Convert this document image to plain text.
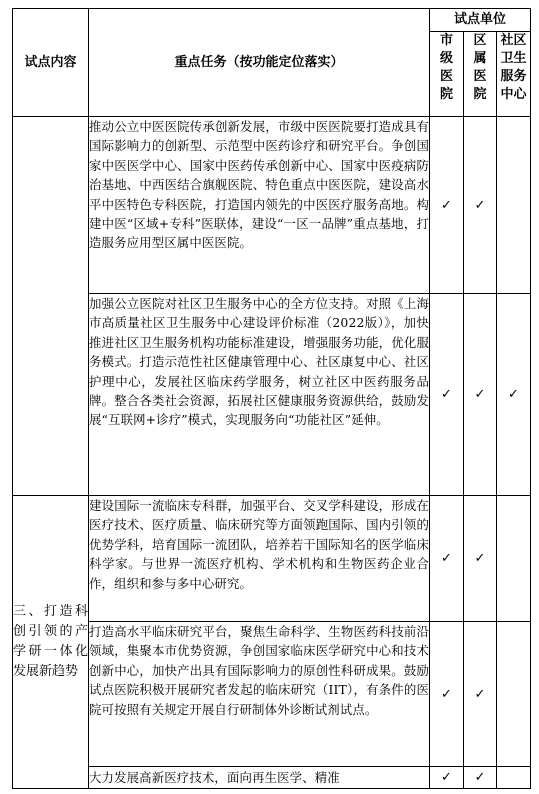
试点内容	重点任务（按功能定位落实）	试点单位		

		市级医院	区属医院	社区卫生服务中心

	推动公立中医医院传承创新发展，市级中医医院要打造成具有国际影响力的创新型、示范型中医药诊疗和研究平台。争创国家中医医学中心、国家中医药传承创新中心、国家中医疫病防治基地、中西医结合旗舰医院、特色重点中医医院，建设高水平中医特色专科医院，打造国内领先的中医医疗服务高地。构建中医“区域+专科”医联体，建设“一区一品牌”重点基地，打造服务应用型区属中医医院。	✓	✓	
	加强公立医院对社区卫生服务中心的全方位支持。对照《上海市高质量社区卫生服务中心建设评价标准（2022版）》，加快推进社区卫生服务机构功能标准建设，增强服务功能，优化服务模式。打造示范性社区健康管理中心、社区康复中心、社区护理中心，发展社区临床药学服务，树立社区中医药服务品牌。整合各类社会资源，拓展社区健康服务资源供给，鼓励发展“互联网+诊疗”模式，实现服务向“功能社区”延伸。	✓	✓	✓
三、打造科创引领的产学研一体化发展新趋势	建设国际一流临床专科群，加强平台、交叉学科建设，形成在医疗技术、医疗质量、临床研究等方面领跑国际、国内引领的优势学科，培育国际一流团队，培养若干国际知名的医学临床科学家。与世界一流医疗机构、学术机构和生物医药企业合作，组织和参与多中心研究。	✓	✓	
	打造高水平临床研究平台，聚焦生命科学、生物医药科技前沿领域，集聚本市优势资源，争创国家临床医学研究中心和技术创新中心，加快产出具有国际影响力的原创性科研成果。鼓励试点医院积极开展研究者发起的临床研究（IIT），有条件的医院可按照有关规定开展自行研制体外诊断试剂试点。	✓	✓	
	大力发展高新医疗技术，面向再生医学、精准	✓	✓	
